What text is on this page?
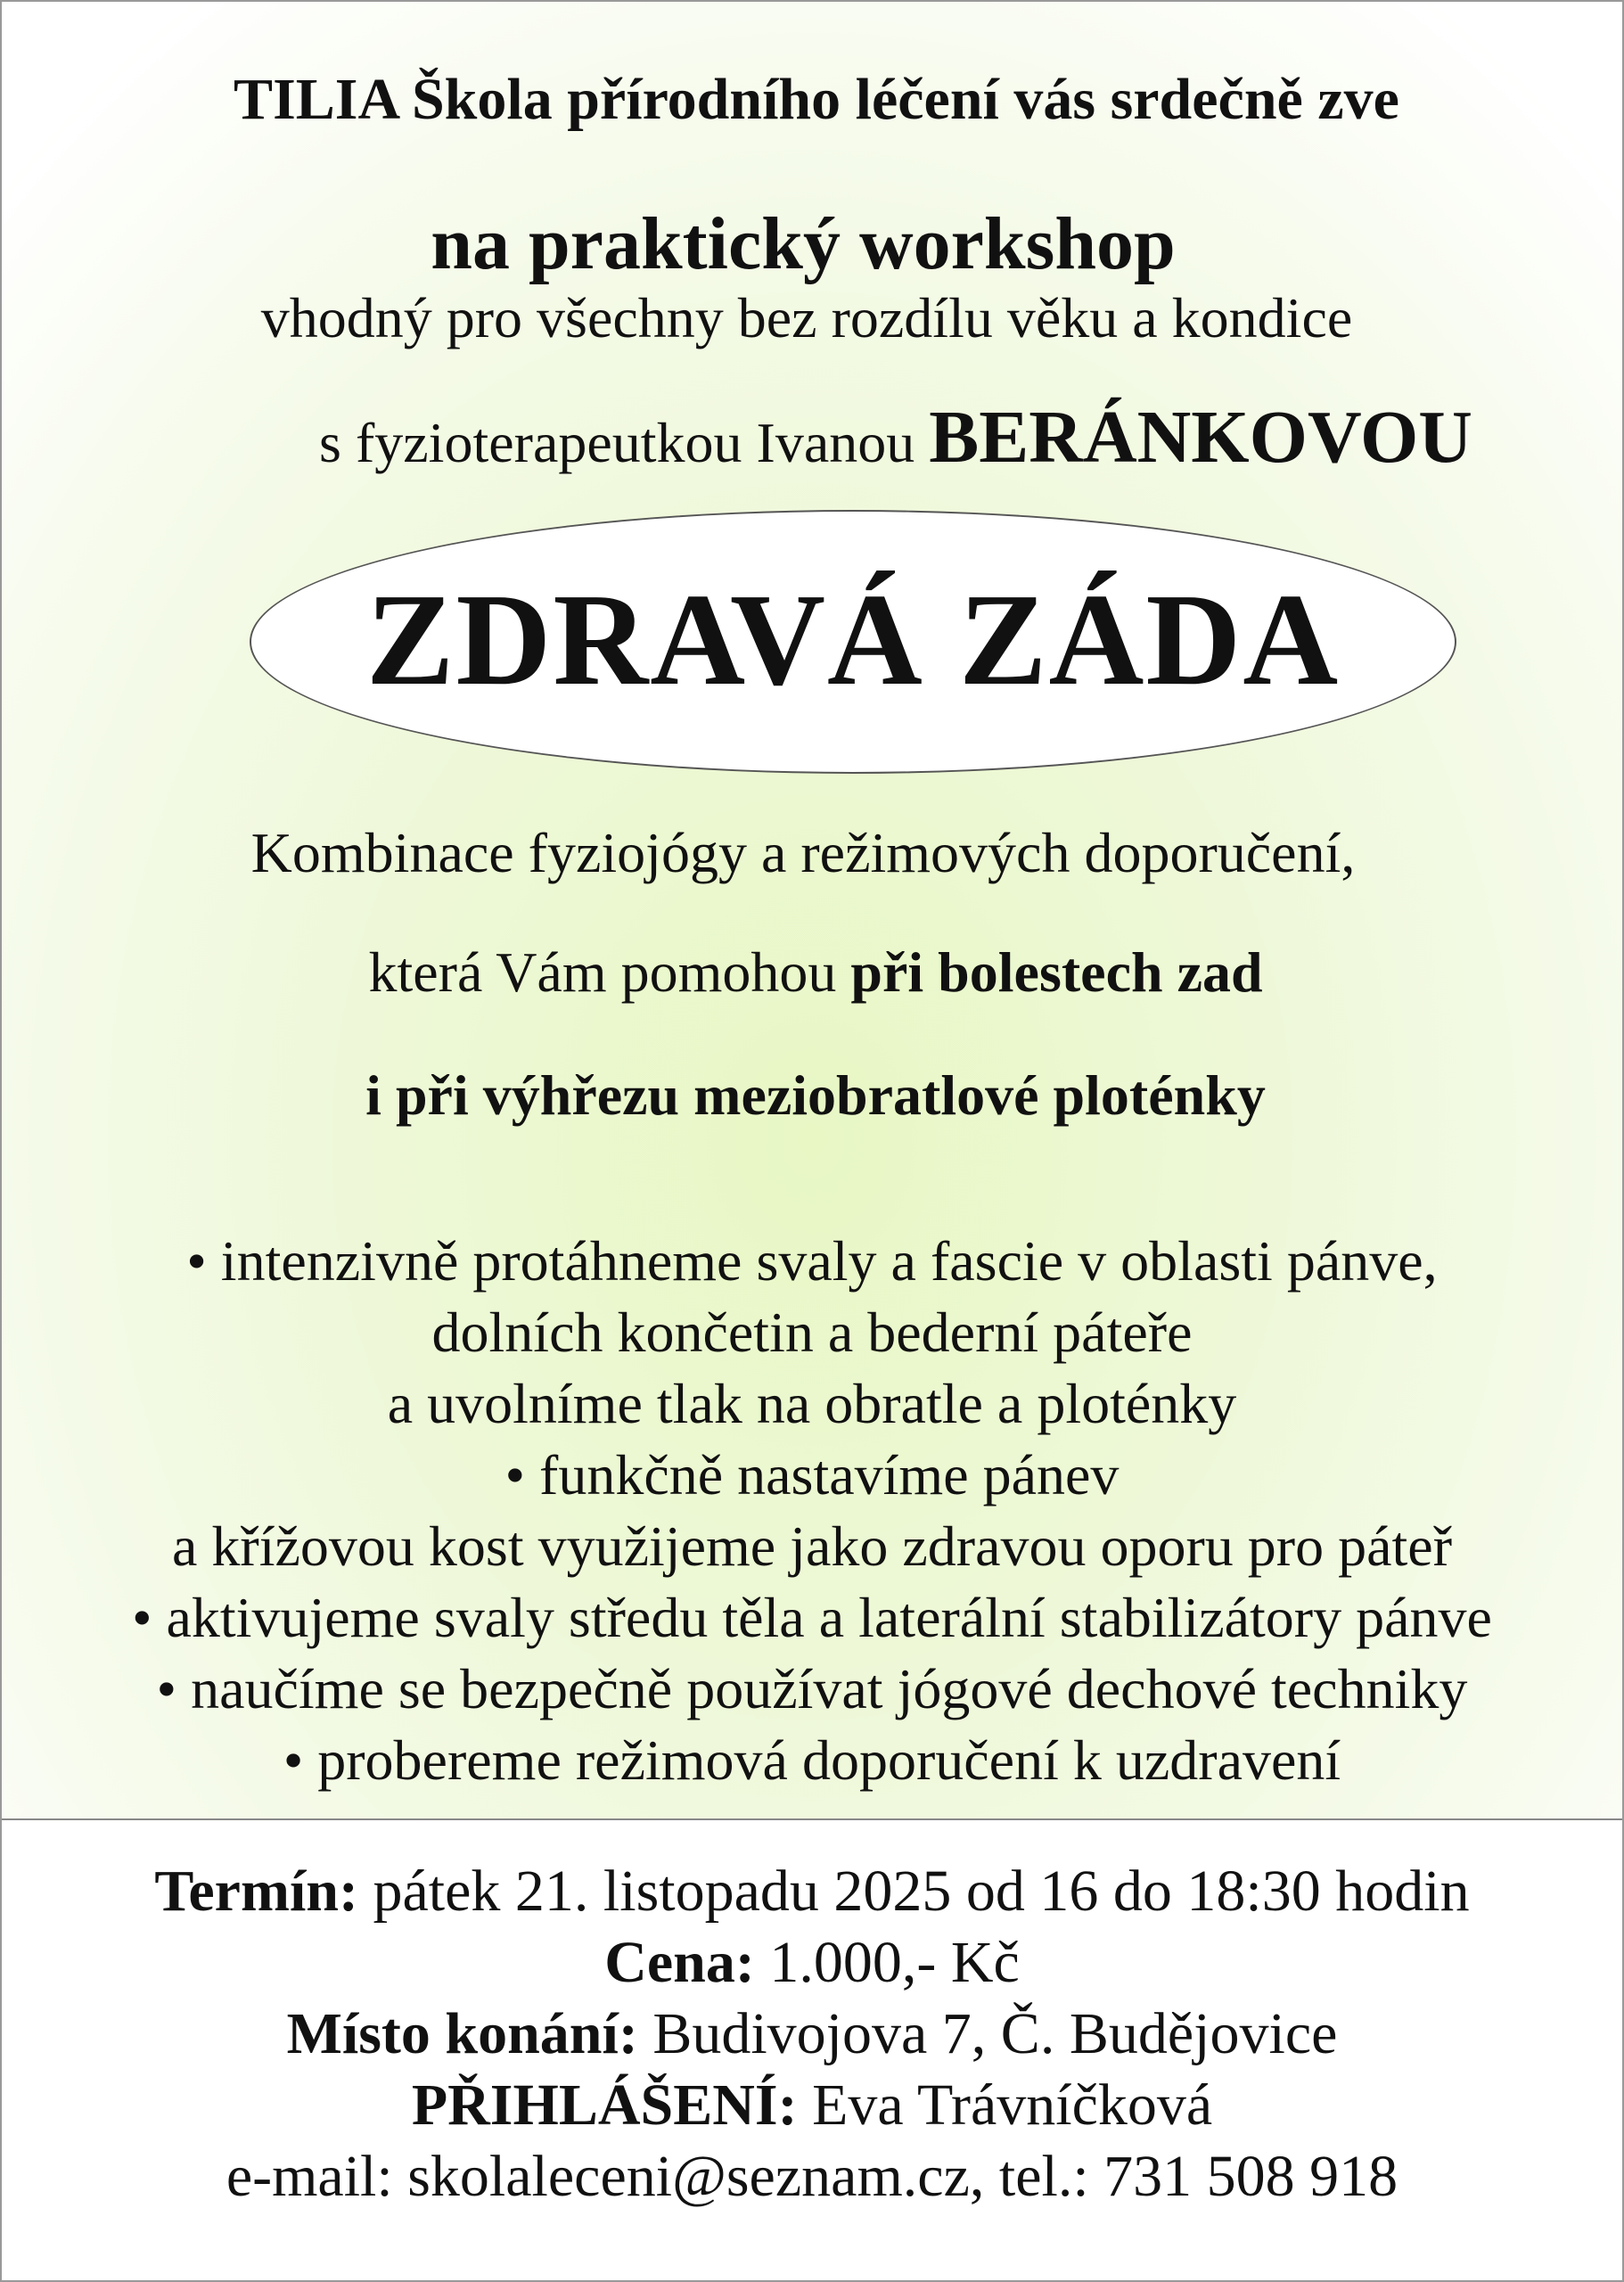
TILIA Škola přírodního léčení vás srdečně zve
na praktický workshop
vhodný pro všechny bez rozdílu věku a kondice
s fyzioterapeutkou Ivanou BERÁNKOVOU
ZDRAVÁ ZÁDA
Kombinace fyziojógy a režimových doporučení,
která Vám pomohou při bolestech zad
i při výhřezu meziobratlové ploténky
• intenzivně protáhneme svaly a fascie v oblasti pánve,
dolních končetin a bederní páteře
a uvolníme tlak na obratle a ploténky
• funkčně nastavíme pánev
a křížovou kost využijeme jako zdravou oporu pro páteř
• aktivujeme svaly středu těla a laterální stabilizátory pánve
• naučíme se bezpečně používat jógové dechové techniky
• probereme režimová doporučení k uzdravení
Termín: pátek 21. listopadu 2025 od 16 do 18:30 hodin
Cena: 1.000,- Kč
Místo konání: Budivojova 7, Č. Budějovice
PŘIHLÁŠENÍ: Eva Trávníčková
e-mail: skolaleceni@seznam.cz, tel.: 731 508 918
